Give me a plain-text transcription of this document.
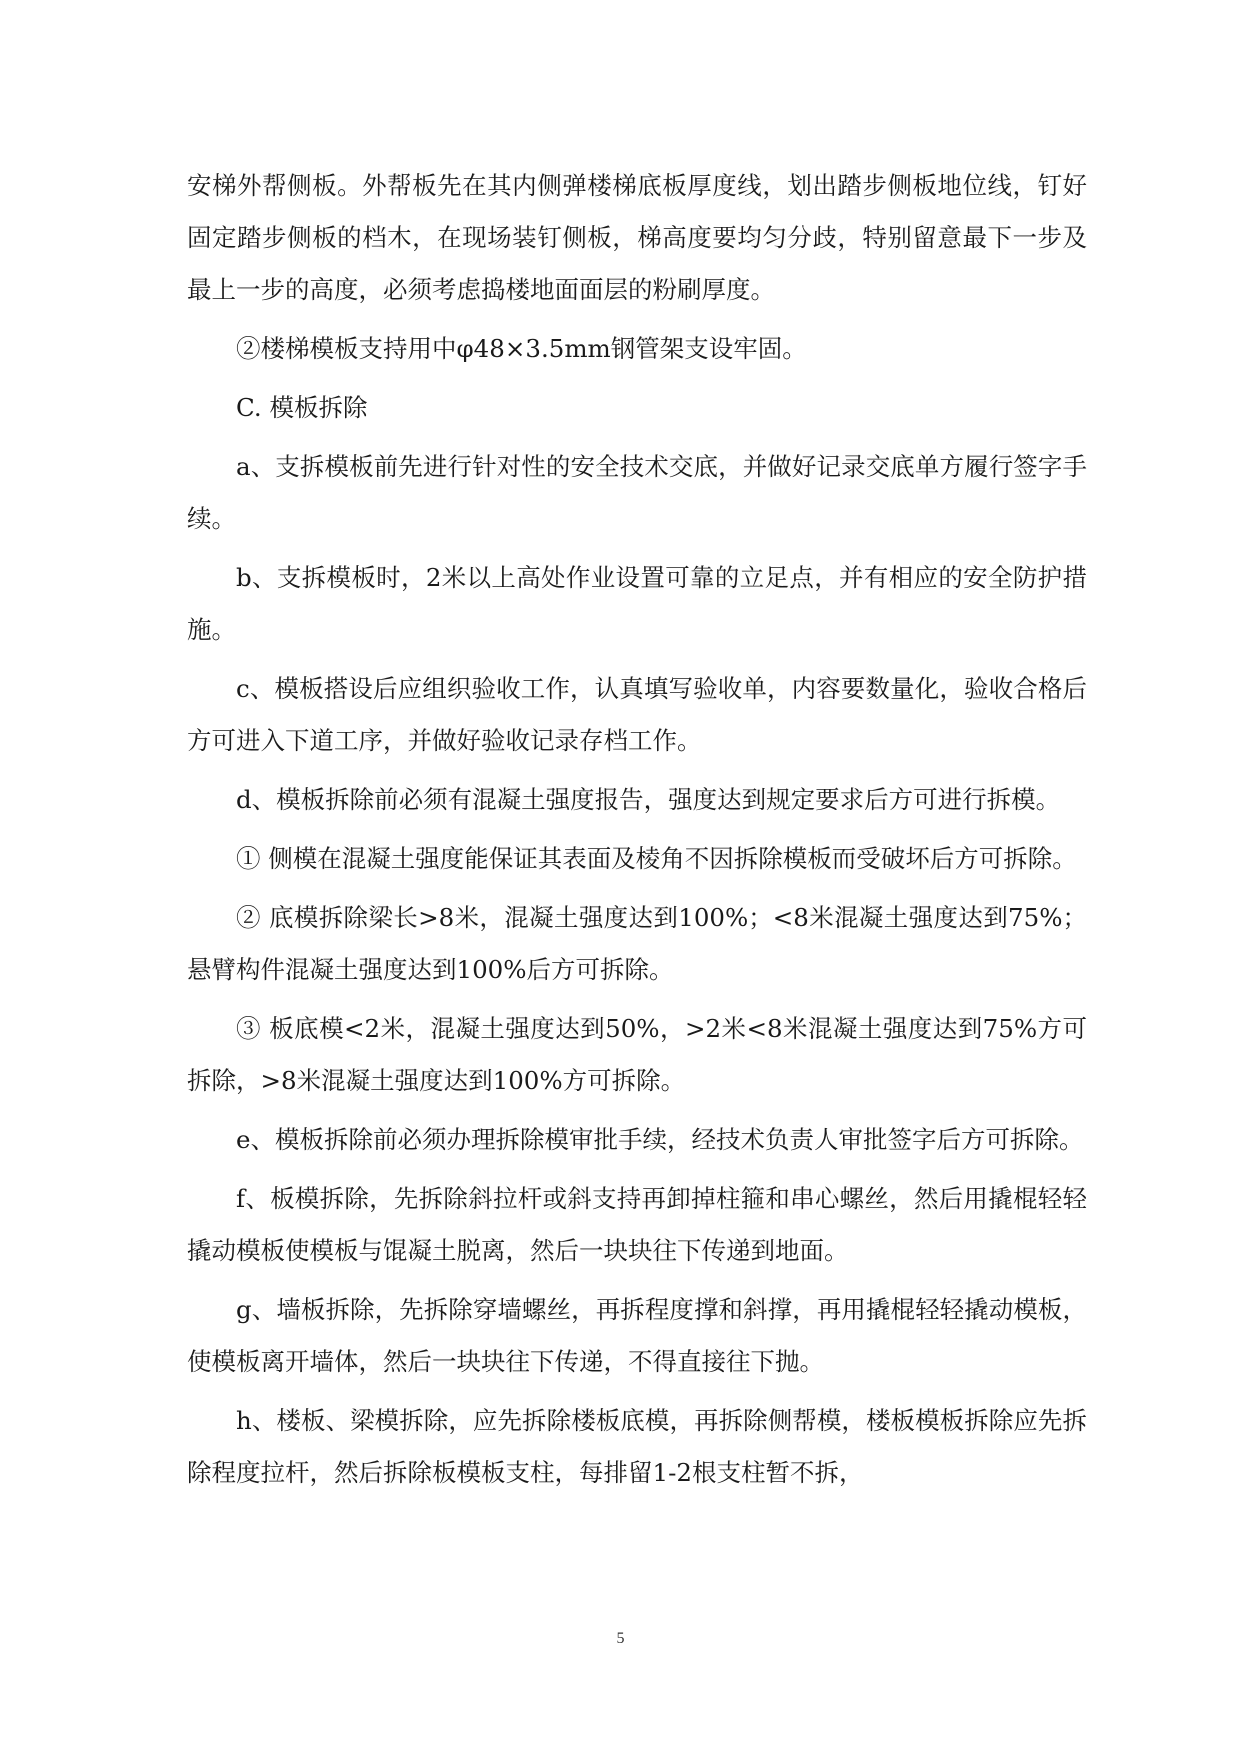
安梯外帮侧板。外帮板先在其内侧弹楼梯底板厚度线，划出踏步侧板地位线，钉好固定踏步侧板的档木，在现场装钉侧板，梯高度要均匀分歧，特别留意最下一步及最上一步的高度，必须考虑捣楼地面面层的粉刷厚度。

②楼梯模板支持用中φ48×3.5mm钢管架支设牢固。

C. 模板拆除

a、支拆模板前先进行针对性的安全技术交底，并做好记录交底单方履行签字手续。

b、支拆模板时，2米以上高处作业设置可靠的立足点，并有相应的安全防护措施。

c、模板搭设后应组织验收工作，认真填写验收单，内容要数量化，验收合格后方可进入下道工序，并做好验收记录存档工作。

d、模板拆除前必须有混凝土强度报告，强度达到规定要求后方可进行拆模。

① 侧模在混凝土强度能保证其表面及棱角不因拆除模板而受破坏后方可拆除。

② 底模拆除梁长>8米，混凝土强度达到100%；<8米混凝土强度达到75%；悬臂构件混凝土强度达到100%后方可拆除。

③ 板底模<2米，混凝土强度达到50%，>2米<8米混凝土强度达到75%方可拆除，>8米混凝土强度达到100%方可拆除。

e、模板拆除前必须办理拆除模审批手续，经技术负责人审批签字后方可拆除。

f、板模拆除，先拆除斜拉杆或斜支持再卸掉柱箍和串心螺丝，然后用撬棍轻轻撬动模板使模板与馄凝土脱离，然后一块块往下传递到地面。

g、墙板拆除，先拆除穿墙螺丝，再拆程度撑和斜撑，再用撬棍轻轻撬动模板，使模板离开墙体，然后一块块往下传递，不得直接往下抛。

h、楼板、梁模拆除，应先拆除楼板底模，再拆除侧帮模，楼板模板拆除应先拆除程度拉杆，然后拆除板模板支柱，每排留1-2根支柱暂不拆，

5
